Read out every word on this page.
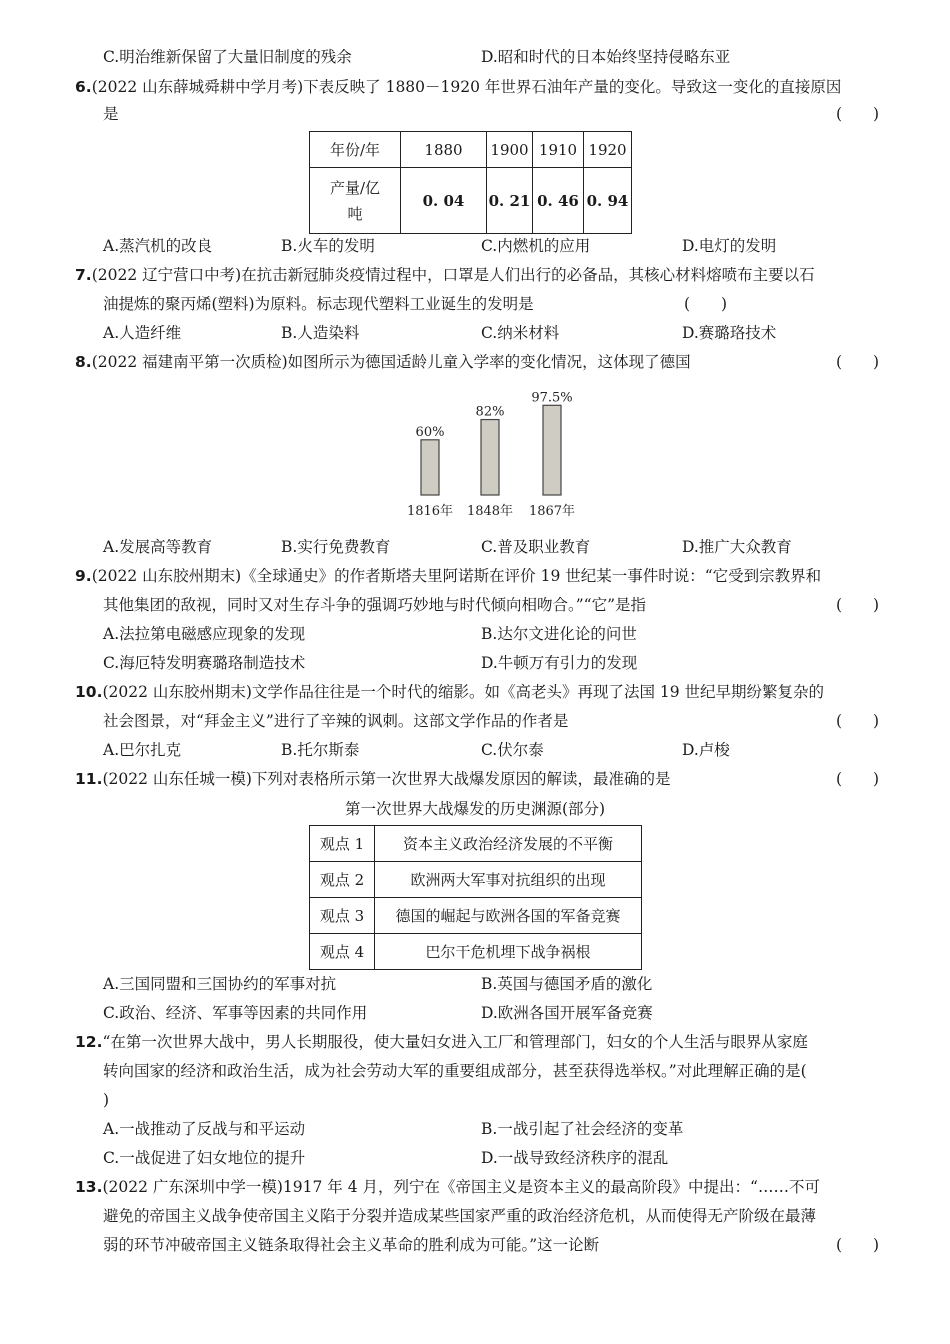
C.明治维新保留了大量旧制度的残余	D.昭和时代的日本始终坚持侵略东亚
6.(2022 山东薛城舜耕中学月考)下表反映了 1880－1920 年世界石油年产量的变化。导致这一变化的直接原因
是	(　　)
年份/年	1880	1900	1910	1920

产量/亿
吨	0. 04	0. 21	0. 46	0. 94
A.蒸汽机的改良	B.火车的发明	C.内燃机的应用	D.电灯的发明
7.(2022 辽宁营口中考)在抗击新冠肺炎疫情过程中，口罩是人们出行的必备品，其核心材料熔喷布主要以石
油提炼的聚丙烯(塑料)为原料。标志现代塑料工业诞生的发明是	(　　)
A.人造纤维	B.人造染料	C.纳米材料	D.赛璐珞技术
8.(2022 福建南平第一次质检)如图所示为德国适龄儿童入学率的变化情况，这体现了德国	(　　)
60%
1816年
82%
1848年
97.5%
1867年
A.发展高等教育	B.实行免费教育	C.普及职业教育	D.推广大众教育
9.(2022 山东胶州期末)《全球通史》的作者斯塔夫里阿诺斯在评价 19 世纪某一事件时说：“它受到宗教界和
其他集团的敌视，同时又对生存斗争的强调巧妙地与时代倾向相吻合。”“它”是指	(　　)
A.法拉第电磁感应现象的发现	B.达尔文进化论的问世
C.海厄特发明赛璐珞制造技术	D.牛顿万有引力的发现
10.(2022 山东胶州期末)文学作品往往是一个时代的缩影。如《高老头》再现了法国 19 世纪早期纷繁复杂的
社会图景，对“拜金主义”进行了辛辣的讽刺。这部文学作品的作者是	(　　)
A.巴尔扎克	B.托尔斯泰	C.伏尔泰	D.卢梭
11.(2022 山东任城一模)下列对表格所示第一次世界大战爆发原因的解读，最准确的是	(　　)
第一次世界大战爆发的历史渊源(部分)
观点 1	资本主义政治经济发展的不平衡
观点 2	欧洲两大军事对抗组织的出现
观点 3	德国的崛起与欧洲各国的军备竞赛
观点 4	巴尔干危机埋下战争祸根
A.三国同盟和三国协约的军事对抗	B.英国与德国矛盾的激化
C.政治、经济、军事等因素的共同作用	D.欧洲各国开展军备竞赛
12.“在第一次世界大战中，男人长期服役，使大量妇女进入工厂和管理部门，妇女的个人生活与眼界从家庭
转向国家的经济和政治生活，成为社会劳动大军的重要组成部分，甚至获得选举权。”对此理解正确的是(
)
A.一战推动了反战与和平运动	B.一战引起了社会经济的变革
C.一战促进了妇女地位的提升	D.一战导致经济秩序的混乱
13.(2022 广东深圳中学一模)1917 年 4 月，列宁在《帝国主义是资本主义的最高阶段》中提出：“……不可
避免的帝国主义战争使帝国主义陷于分裂并造成某些国家严重的政治经济危机，从而使得无产阶级在最薄
弱的环节冲破帝国主义链条取得社会主义革命的胜利成为可能。”这一论断	(　　)
